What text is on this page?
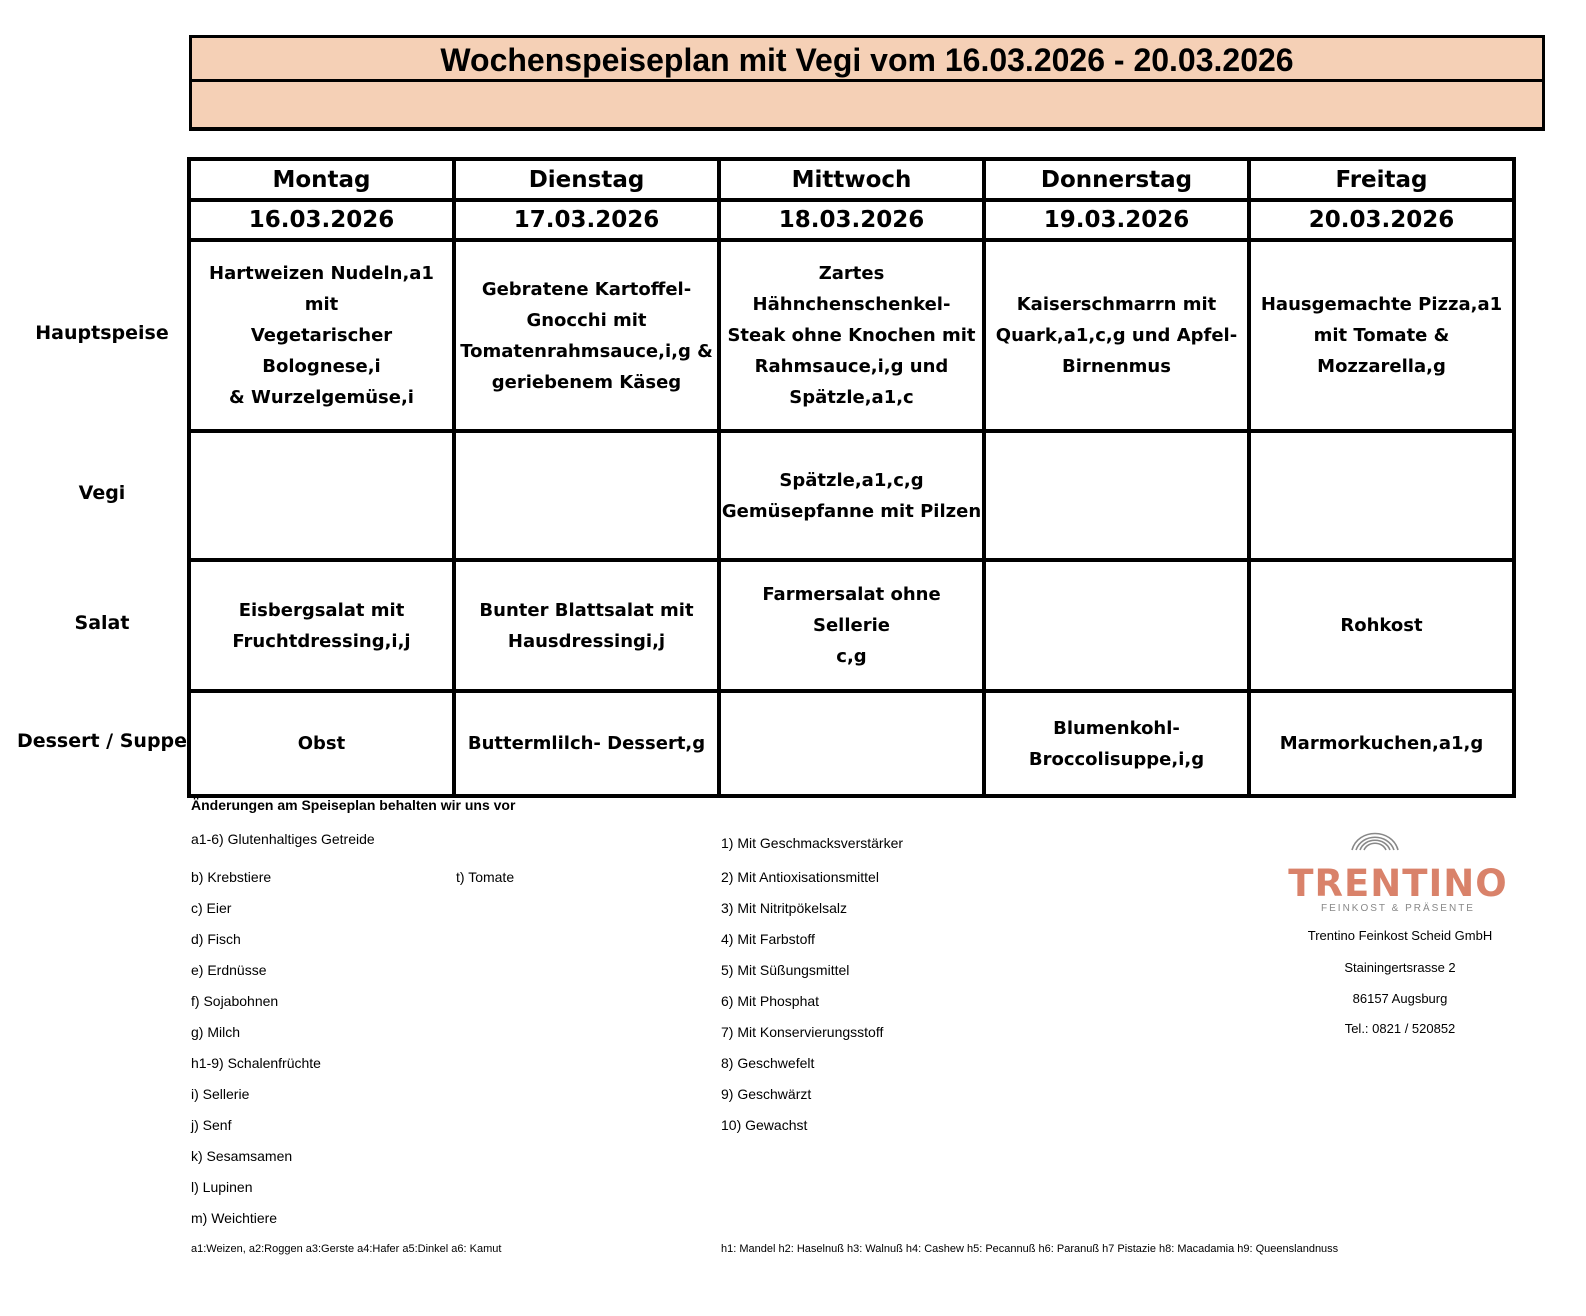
Wochenspeiseplan mit Vegi vom 16.03.2026 - 20.03.2026
Montag
16.03.2026
Dienstag
17.03.2026
Mittwoch
18.03.2026
Donnerstag
19.03.2026
Freitag
20.03.2026
Hauptspeise
Vegi
Salat
Dessert / Suppe
Hartweizen Nudeln,a1 mit
Vegetarischer Bolognese,i
& Wurzelgemüse,i
Gebratene Kartoffel-
Gnocchi mit
Tomatenrahmsauce,i,g &
geriebenem Käseg
Zartes Hähnchenschenkel-
Steak ohne Knochen mit
Rahmsauce,i,g und
Spätzle,a1,c
Kaiserschmarrn mit
Quark,a1,c,g und Apfel-
Birnenmus
Hausgemachte Pizza,a1
mit Tomate &
Mozzarella,g
Spätzle,a1,c,g
Gemüsepfanne mit Pilzen
Eisbergsalat mit
Fruchtdressing,i,j
Bunter Blattsalat mit
Hausdressingi,j
Farmersalat ohne Sellerie
c,g
Rohkost
Obst	Buttermlilch- Dessert,g
Blumenkohl-
Broccolisuppe,i,g
Marmorkuchen,a1,g
Änderungen am Speiseplan behalten wir uns vor
a1-6) Glutenhaltiges Getreide
b) Krebstiere
c) Eier
d) Fisch
e) Erdnüsse
f) Sojabohnen
g) Milch
h1-9) Schalenfrüchte
i) Sellerie
j) Senf
k) Sesamsamen
l) Lupinen
m) Weichtiere
t) Tomate
1) Mit Geschmacksverstärker
2) Mit Antioxisationsmittel
3) Mit Nitritpökelsalz
4) Mit Farbstoff
5) Mit Süßungsmittel
6) Mit Phosphat
7) Mit Konservierungsstoff
8) Geschwefelt
9) Geschwärzt
10) Gewachst
a1:Weizen, a2:Roggen a3:Gerste a4:Hafer a5:Dinkel a6: Kamut	h1: Mandel h2: Haselnuß h3: Walnuß h4: Cashew h5: Pecannuß h6: Paranuß h7 Pistazie h8: Macadamia h9: Queenslandnuss
TRENTINO
FEINKOST & PRÄSENTE
Trentino Feinkost Scheid GmbH
Stainingertsrasse 2
86157 Augsburg
Tel.: 0821 / 520852
